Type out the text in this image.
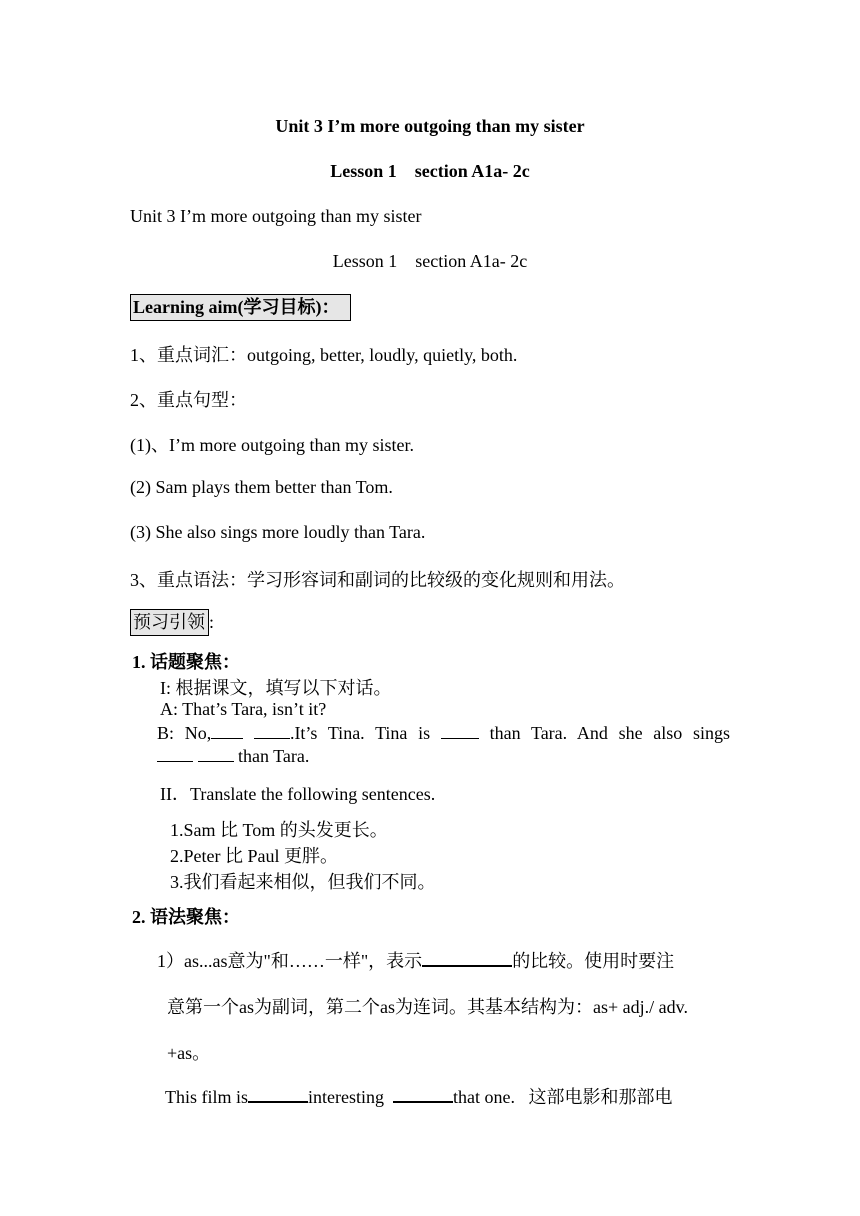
Unit 3 I’m more outgoing than my sister
Lesson 1 section A1a- 2c
Unit 3 I’m more outgoing than my sister
Lesson 1 section A1a- 2c
Learning aim(学习目标)：
1、重点词汇：outgoing, better, loudly, quietly, both.
2、重点句型：
(1)、I’m more outgoing than my sister.
(2) Sam plays them better than Tom.
(3) She also sings more loudly than Tara.
3、重点语法：学习形容词和副词的比较级的变化规则和用法。
预习引领 :
1. 话题聚焦：
I: 根据课文，填写以下对话。
A: That’s Tara, isn’t it?
B: No,	.It’s Tina. Tina is	than Tara. And she also sings
than Tara.
II．Translate the following sentences.
1.Sam 比 Tom 的头发更长。
2.Peter 比 Paul 更胖。
3.我们看起来相似，但我们不同。
2. 语法聚焦：
1）as...as意为"和……一样"，表示	的比较。使用时要注
意第一个as为副词，第二个as为连词。其基本结构为：as+ adj./ adv.
+as。
This film is	interesting	that one. 这部电影和那部电
